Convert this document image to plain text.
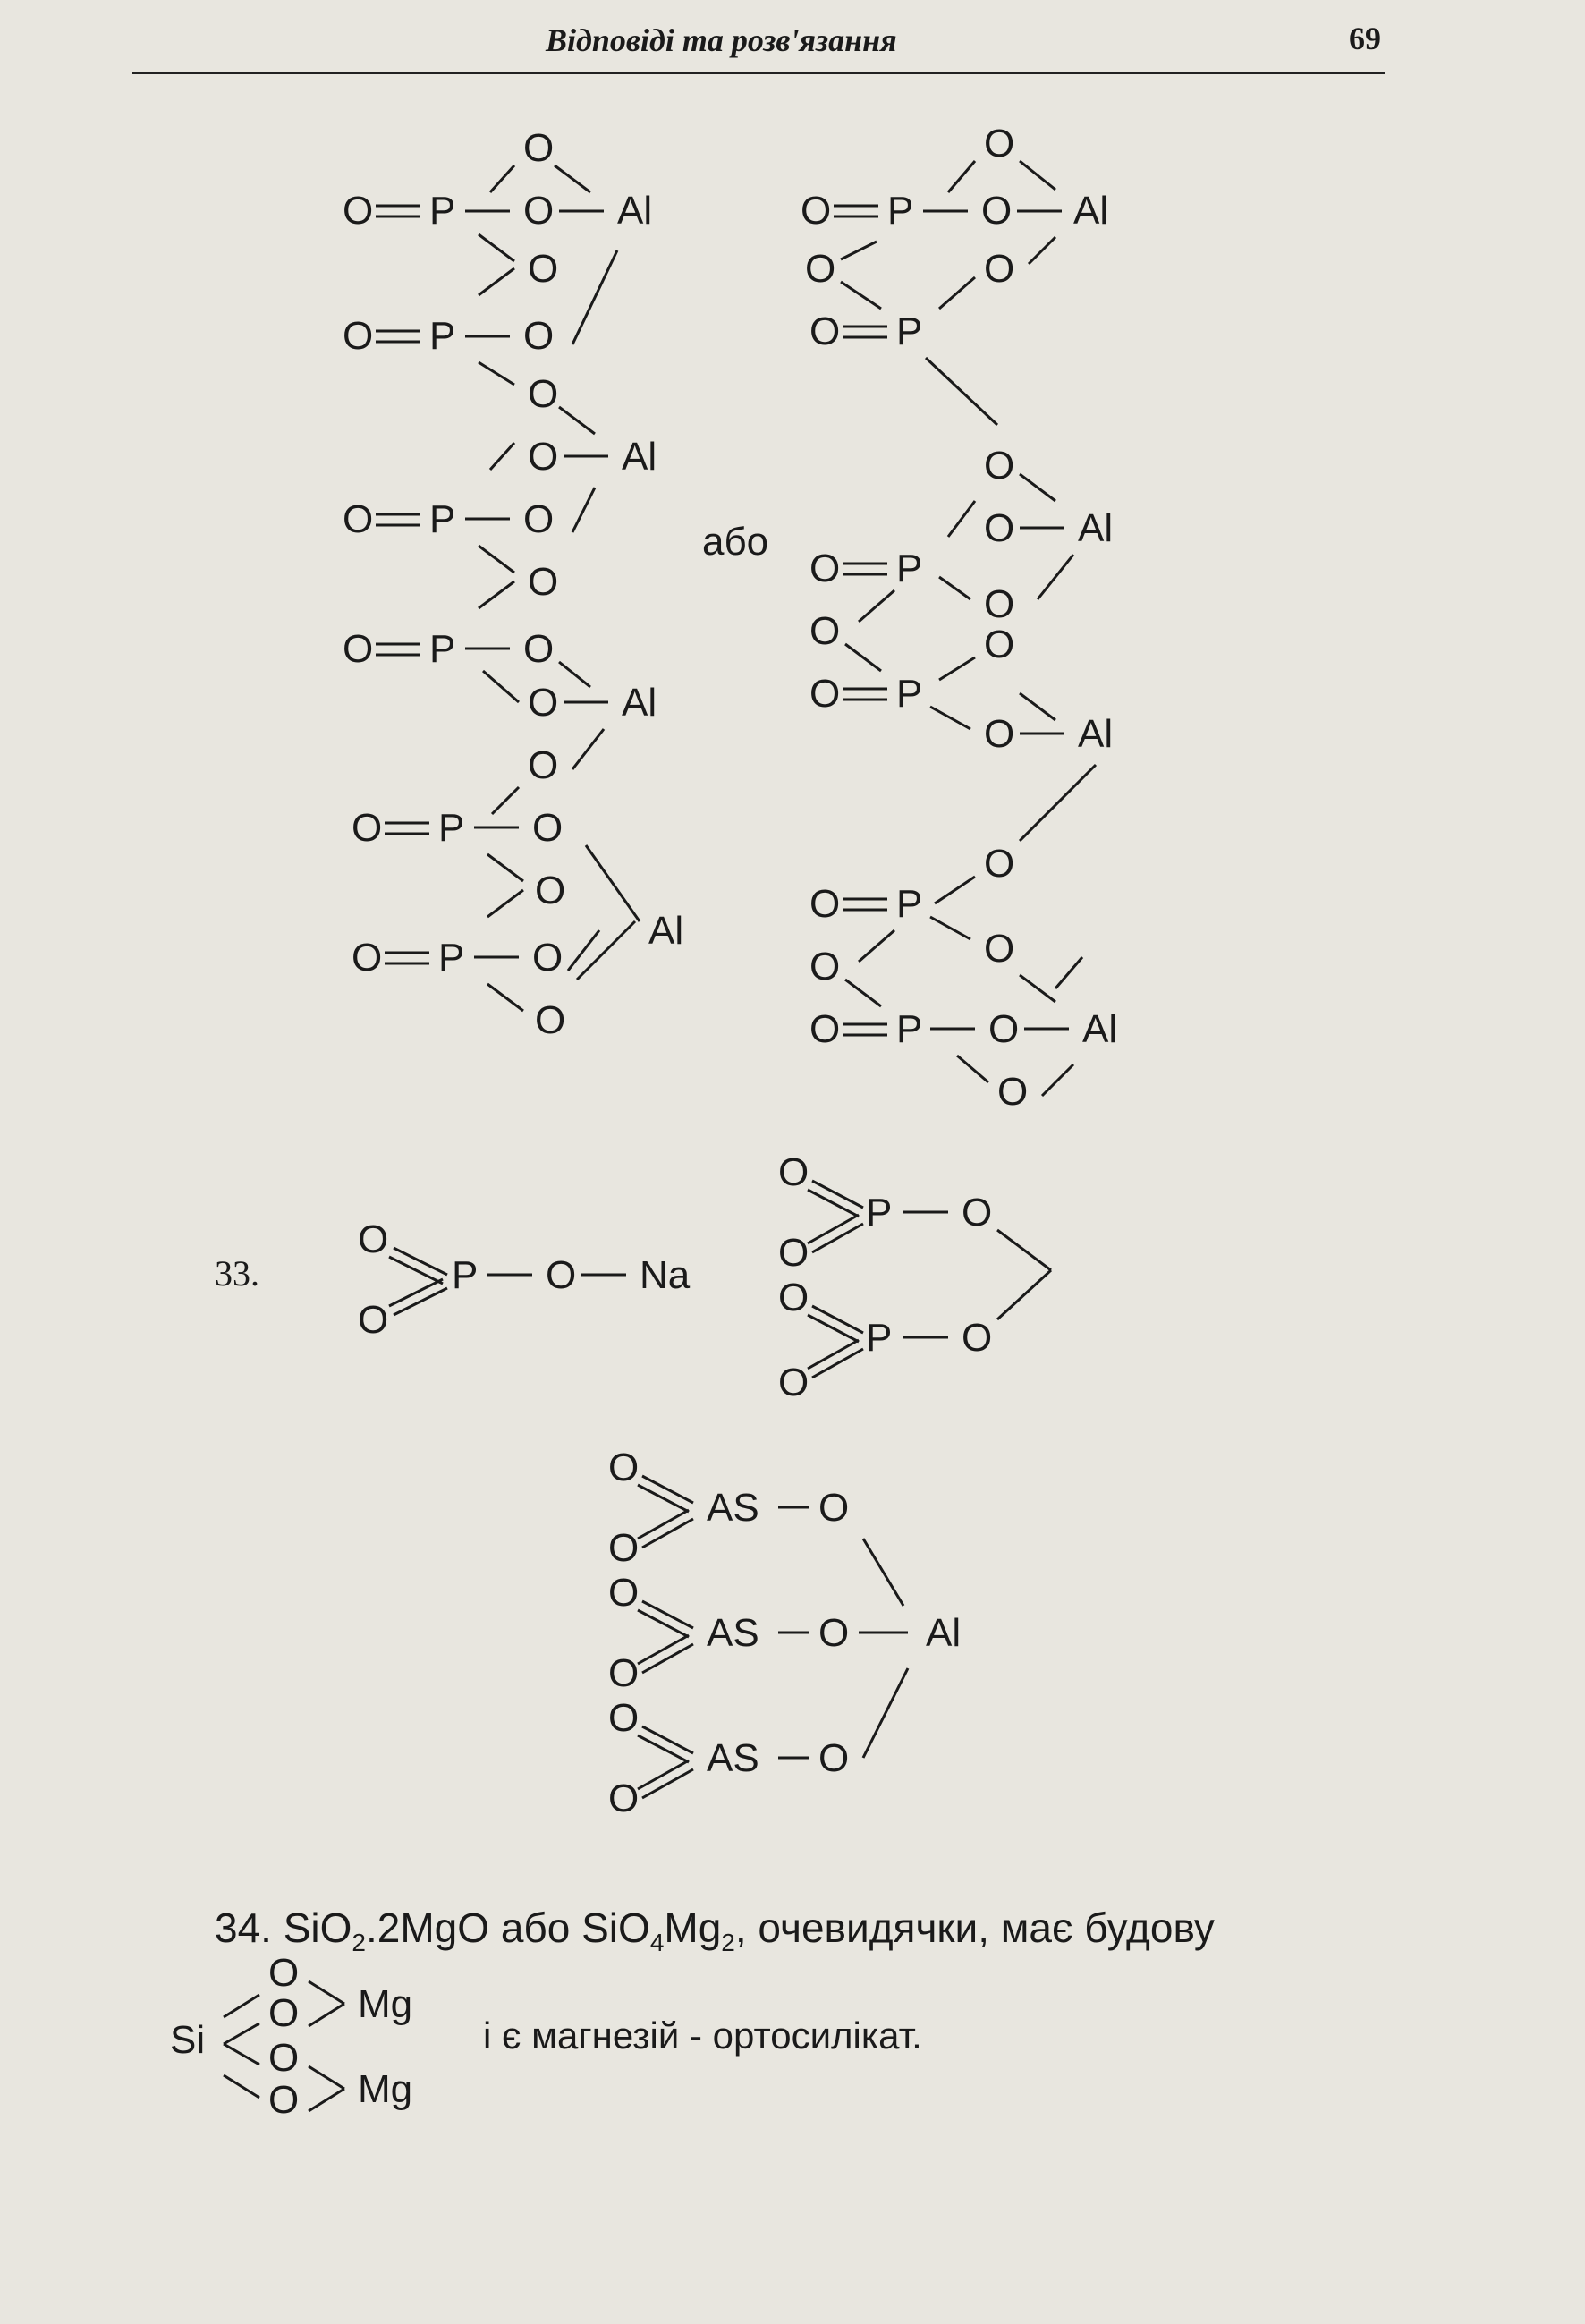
Відповіді та розв'язання	69
O
O P O Al
O
O P O
O
O Al
O P O
O
O P O
O Al
O
O P O
O
Al
O P O
O
або
O
O P O Al
O	O
O P
O
O Al
O P
O
O	O
O P
O Al
O
O P
O
O
O P O Al
O
O
P
O
O Na
O
P
O
O
O
P
O
O
O
AS
O
O
O
AS
O
O Al
O
AS
O
O
Si
O
O Mg
O
O Mg
33.
34. SiO$_2$.2MgO або $SiO_4Mg_2$, очевидячки, має будову
і є магнезій - ортосилікат.
